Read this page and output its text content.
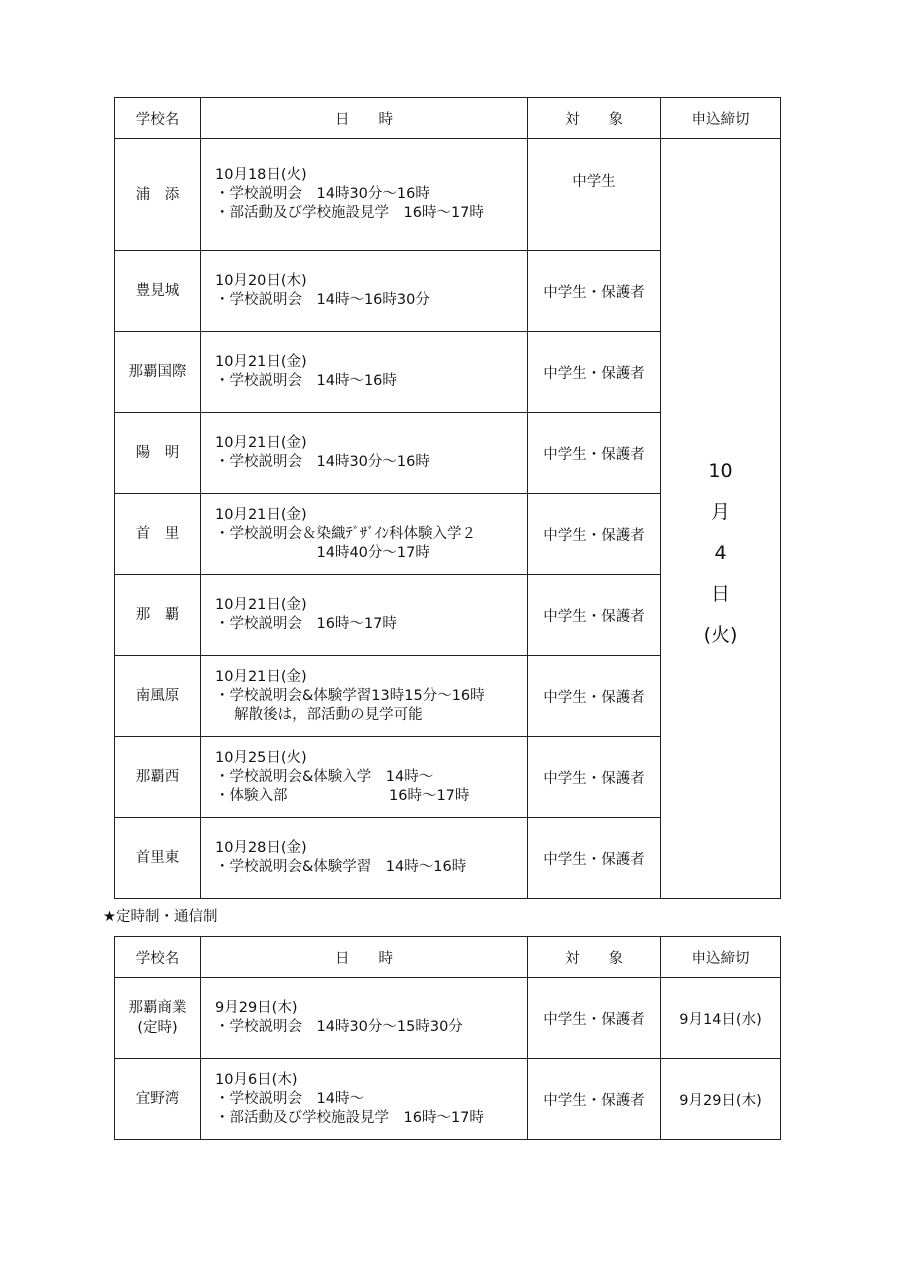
学校名	日　　時	対　　象	申込締切

浦　添	10月18日(火)
・学校説明会　14時30分～16時
・部活動及び学校施設見学　16時～17時	中学生	10
月
4
日
(火)

豊見城	10月20日(木)
・学校説明会　14時～16時30分	中学生・保護者	

那覇国際	10月21日(金)
・学校説明会　14時～16時	中学生・保護者	

陽　明	10月21日(金)
・学校説明会　14時30分～16時	中学生・保護者	

首　里	10月21日(金)
・学校説明会＆染織ﾃﾞｻﾞｲﾝ科体験入学２
　　　　　　　14時40分～17時	中学生・保護者	

那　覇	10月21日(金)
・学校説明会　16時～17時	中学生・保護者	

南風原	10月21日(金)
・学校説明会&体験学習13時15分～16時
　 解散後は，部活動の見学可能	中学生・保護者	

那覇西	10月25日(火)
・学校説明会&体験入学　14時～
・体験入部　　　　　　　16時～17時	中学生・保護者	

首里東	10月28日(金)
・学校説明会&体験学習　14時～16時	中学生・保護者	
★定時制・通信制
学校名	日　　時	対　　象	申込締切

那覇商業
(定時)	9月29日(木)
・学校説明会　14時30分～15時30分	中学生・保護者	9月14日(水)

宜野湾	10月6日(木)
・学校説明会　14時～
・部活動及び学校施設見学　16時～17時	中学生・保護者	9月29日(木)
